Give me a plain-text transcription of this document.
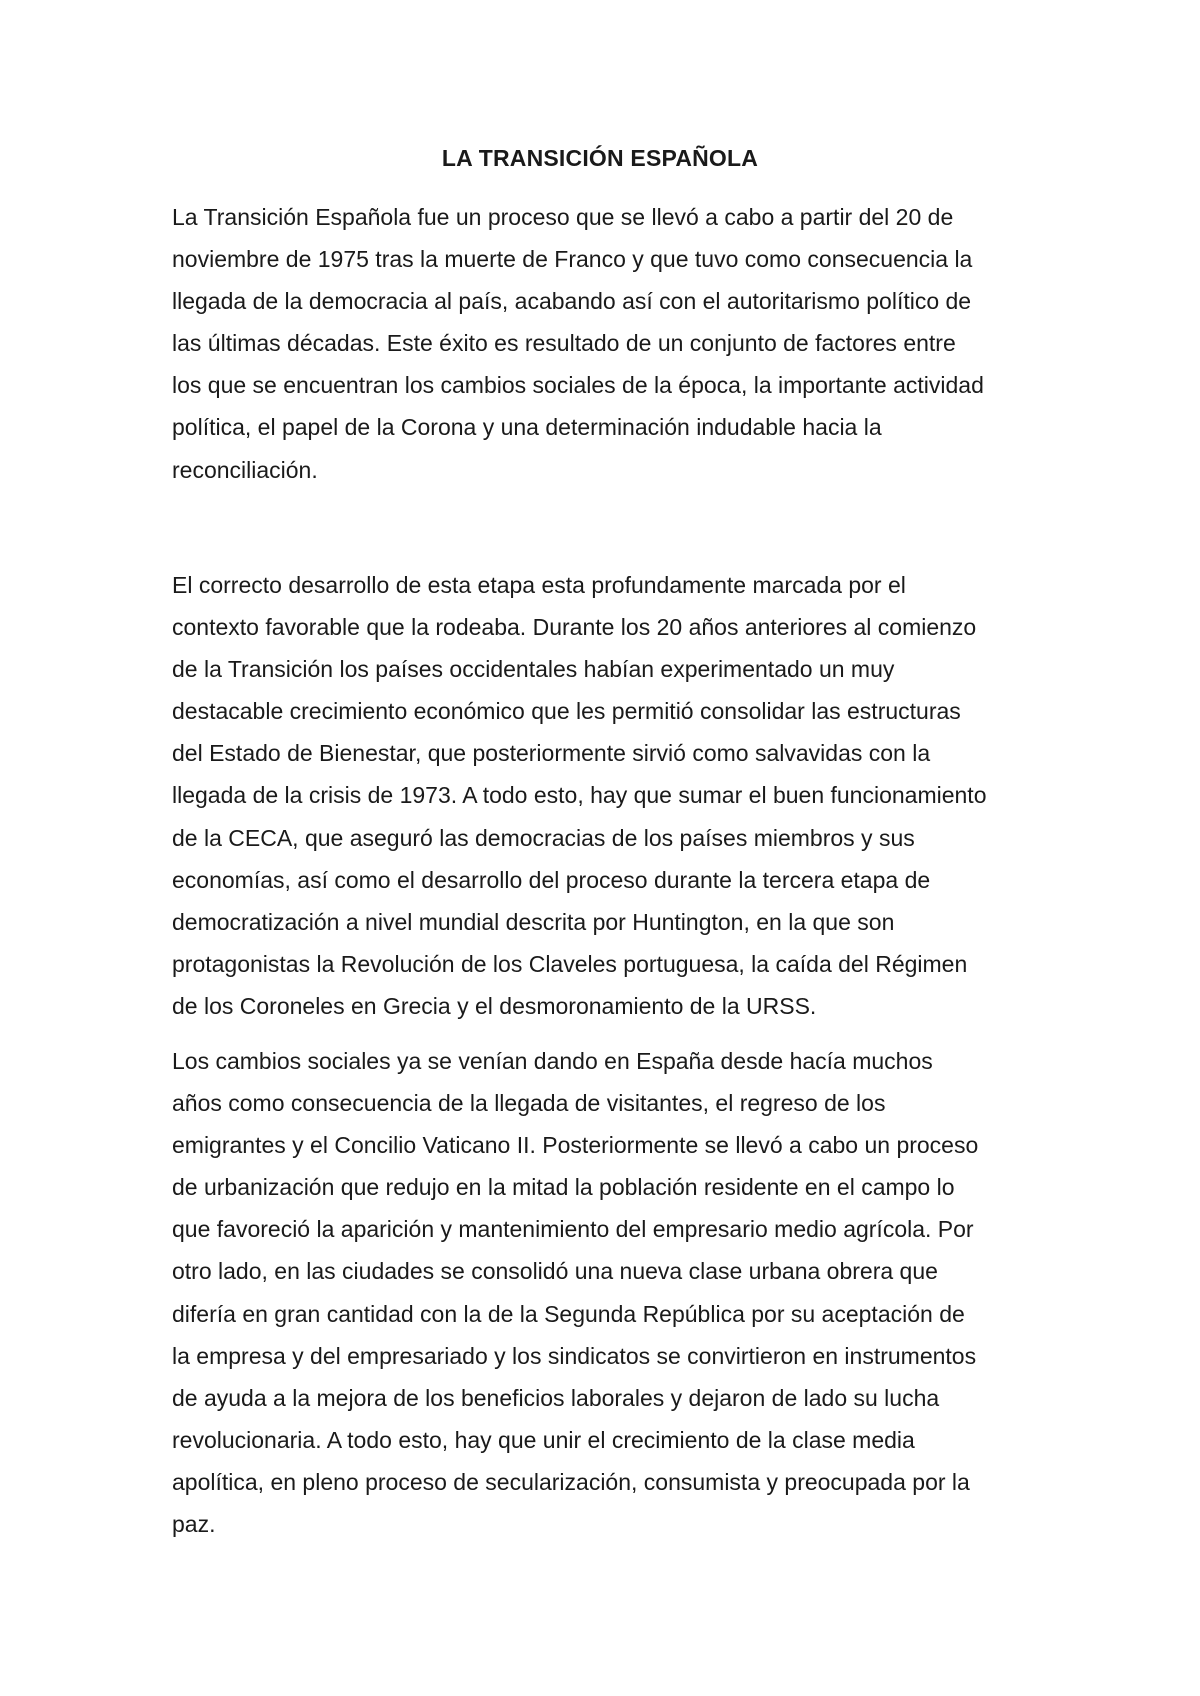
LA TRANSICIÓN ESPAÑOLA
La Transición Española fue un proceso que se llevó a cabo a partir del 20 de
noviembre de 1975 tras la muerte de Franco y que tuvo como consecuencia la
llegada de la democracia al país, acabando así con el autoritarismo político de
las últimas décadas. Este éxito es resultado de un conjunto de factores entre
los que se encuentran los cambios sociales de la época, la importante actividad
política, el papel de la Corona y una determinación indudable hacia la
reconciliación.
El correcto desarrollo de esta etapa esta profundamente marcada por el
contexto favorable que la rodeaba. Durante los 20 años anteriores al comienzo
de la Transición los países occidentales habían experimentado un muy
destacable crecimiento económico que les permitió consolidar las estructuras
del Estado de Bienestar, que posteriormente sirvió como salvavidas con la
llegada de la crisis de 1973. A todo esto, hay que sumar el buen funcionamiento
de la CECA, que aseguró las democracias de los países miembros y sus
economías, así como el desarrollo del proceso durante la tercera etapa de
democratización a nivel mundial descrita por Huntington, en la que son
protagonistas la Revolución de los Claveles portuguesa, la caída del Régimen
de los Coroneles en Grecia y el desmoronamiento de la URSS.
Los cambios sociales ya se venían dando en España desde hacía muchos
años como consecuencia de la llegada de visitantes, el regreso de los
emigrantes y el Concilio Vaticano II. Posteriormente se llevó a cabo un proceso
de urbanización que redujo en la mitad la población residente en el campo lo
que favoreció la aparición y mantenimiento del empresario medio agrícola. Por
otro lado, en las ciudades se consolidó una nueva clase urbana obrera que
difería en gran cantidad con la de la Segunda República por su aceptación de
la empresa y del empresariado y los sindicatos se convirtieron en instrumentos
de ayuda a la mejora de los beneficios laborales y dejaron de lado su lucha
revolucionaria. A todo esto, hay que unir el crecimiento de la clase media
apolítica, en pleno proceso de secularización, consumista y preocupada por la
paz.
